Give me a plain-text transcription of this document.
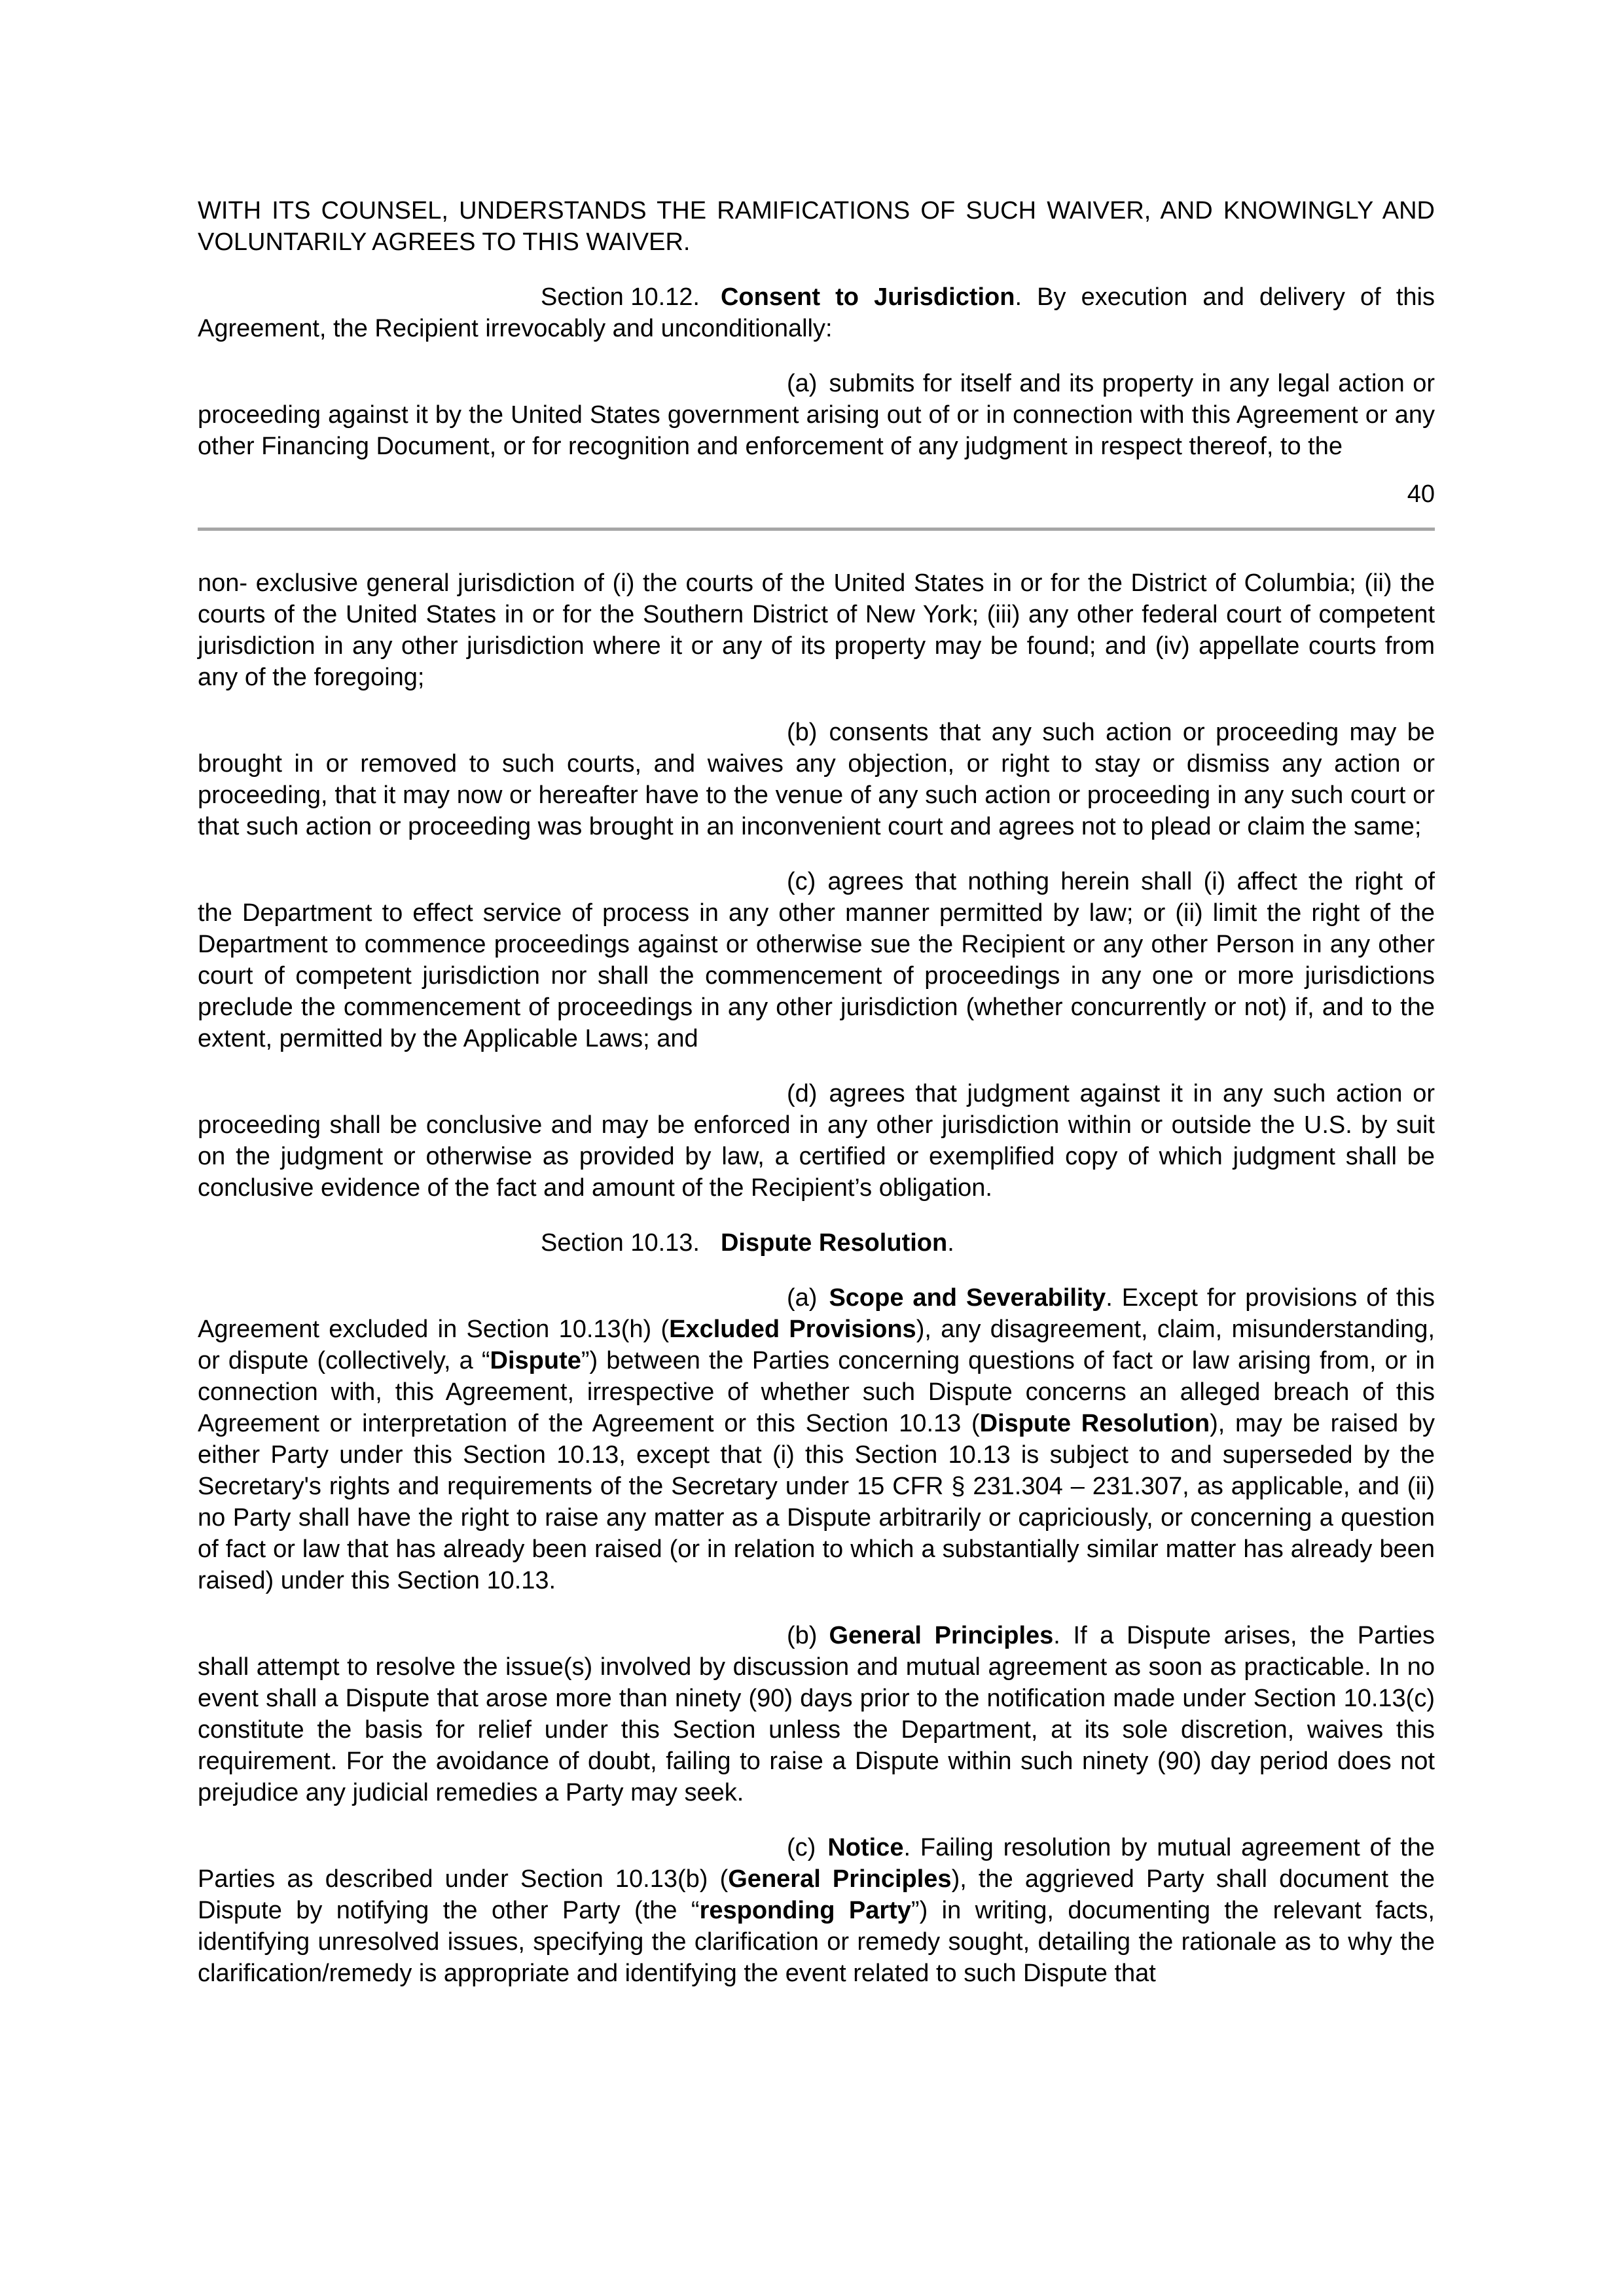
WITH ITS COUNSEL, UNDERSTANDS THE RAMIFICATIONS OF SUCH WAIVER, AND KNOWINGLY AND VOLUNTARILY AGREES TO THIS WAIVER.

Section 10.12. Consent to Jurisdiction. By execution and delivery of this Agreement, the Recipient irrevocably and unconditionally:

(a) submits for itself and its property in any legal action or proceeding against it by the United States government arising out of or in connection with this Agreement or any other Financing Document, or for recognition and enforcement of any judgment in respect thereof, to the

40

non- exclusive general jurisdiction of (i) the courts of the United States in or for the District of Columbia; (ii) the courts of the United States in or for the Southern District of New York; (iii) any other federal court of competent jurisdiction in any other jurisdiction where it or any of its property may be found; and (iv) appellate courts from any of the foregoing;

(b) consents that any such action or proceeding may be brought in or removed to such courts, and waives any objection, or right to stay or dismiss any action or proceeding, that it may now or hereafter have to the venue of any such action or proceeding in any such court or that such action or proceeding was brought in an inconvenient court and agrees not to plead or claim the same;

(c) agrees that nothing herein shall (i) affect the right of the Department to effect service of process in any other manner permitted by law; or (ii) limit the right of the Department to commence proceedings against or otherwise sue the Recipient or any other Person in any other court of competent jurisdiction nor shall the commencement of proceedings in any one or more jurisdictions preclude the commencement of proceedings in any other jurisdiction (whether concurrently or not) if, and to the extent, permitted by the Applicable Laws; and

(d) agrees that judgment against it in any such action or proceeding shall be conclusive and may be enforced in any other jurisdiction within or outside the U.S. by suit on the judgment or otherwise as provided by law, a certified or exemplified copy of which judgment shall be conclusive evidence of the fact and amount of the Recipient’s obligation.

Section 10.13. Dispute Resolution.

(a) Scope and Severability. Except for provisions of this Agreement excluded in Section 10.13(h) (Excluded Provisions), any disagreement, claim, misunderstanding, or dispute (collectively, a “Dispute”) between the Parties concerning questions of fact or law arising from, or in connection with, this Agreement, irrespective of whether such Dispute concerns an alleged breach of this Agreement or interpretation of the Agreement or this Section 10.13 (Dispute Resolution), may be raised by either Party under this Section 10.13, except that (i) this Section 10.13 is subject to and superseded by the Secretary's rights and requirements of the Secretary under 15 CFR § 231.304 – 231.307, as applicable, and (ii) no Party shall have the right to raise any matter as a Dispute arbitrarily or capriciously, or concerning a question of fact or law that has already been raised (or in relation to which a substantially similar matter has already been raised) under this Section 10.13.

(b) General Principles. If a Dispute arises, the Parties shall attempt to resolve the issue(s) involved by discussion and mutual agreement as soon as practicable. In no event shall a Dispute that arose more than ninety (90) days prior to the notification made under Section 10.13(c) constitute the basis for relief under this Section unless the Department, at its sole discretion, waives this requirement. For the avoidance of doubt, failing to raise a Dispute within such ninety (90) day period does not prejudice any judicial remedies a Party may seek.

(c) Notice. Failing resolution by mutual agreement of the Parties as described under Section 10.13(b) (General Principles), the aggrieved Party shall document the Dispute by notifying the other Party (the “responding Party”) in writing, documenting the relevant facts, identifying unresolved issues, specifying the clarification or remedy sought, detailing the rationale as to why the clarification/remedy is appropriate and identifying the event related to such Dispute that
